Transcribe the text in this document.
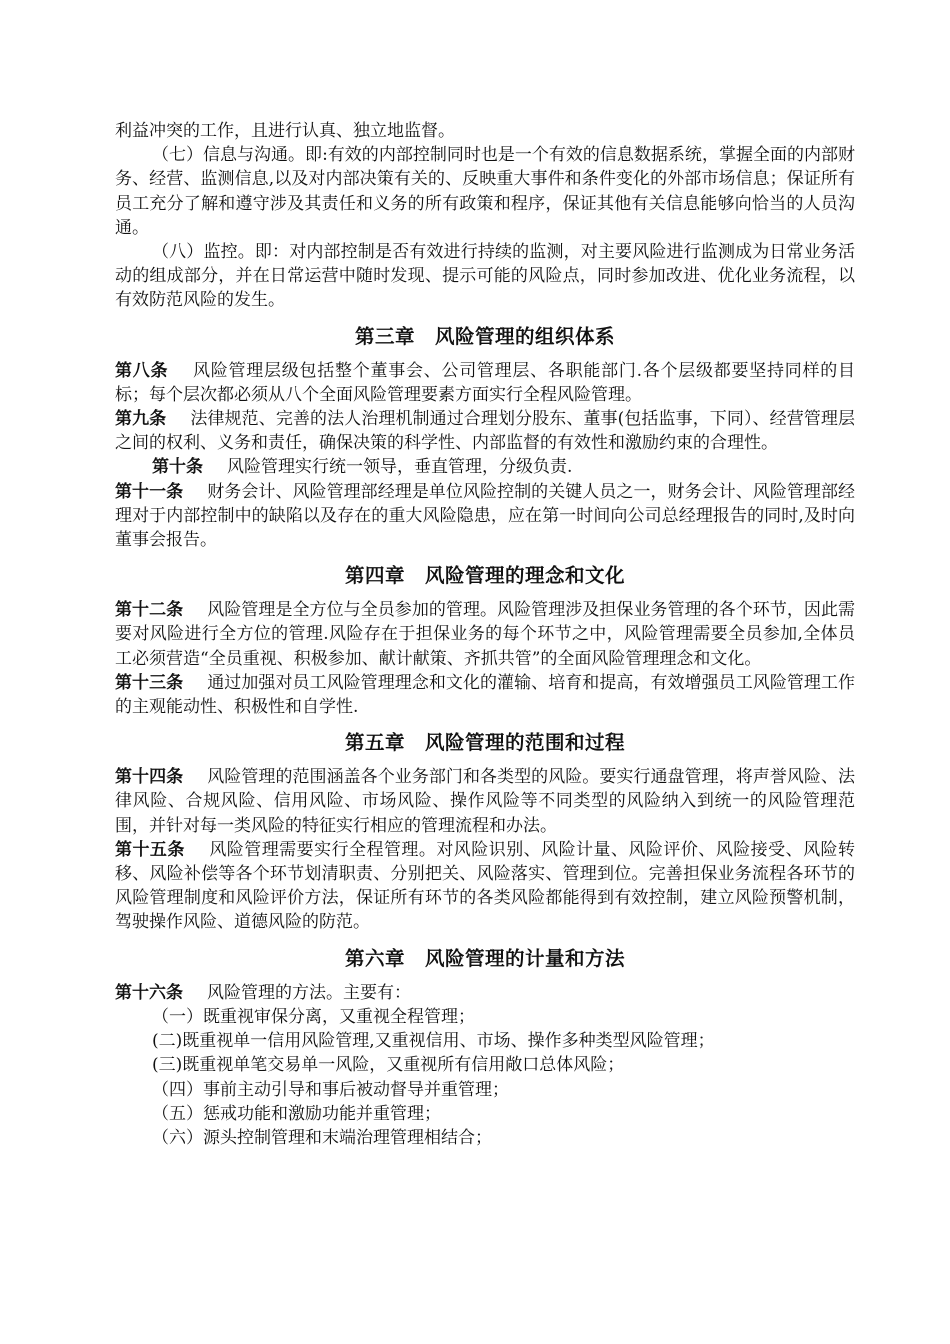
利益冲突的工作，且进行认真、独立地监督。

（七）信息与沟通。即:有效的内部控制同时也是一个有效的信息数据系统，掌握全面的内部财务、经营、监测信息,以及对内部决策有关的、反映重大事件和条件变化的外部市场信息；保证所有员工充分了解和遵守涉及其责任和义务的所有政策和程序，保证其他有关信息能够向恰当的人员沟通。

（八）监控。即：对内部控制是否有效进行持续的监测，对主要风险进行监测成为日常业务活动的组成部分，并在日常运营中随时发现、提示可能的风险点，同时参加改进、优化业务流程，以有效防范风险的发生。

第三章　风险管理的组织体系

第八条 风险管理层级包括整个董事会、公司管理层、各职能部门.各个层级都要坚持同样的目标；每个层次都必须从八个全面风险管理要素方面实行全程风险管理。

第九条 法律规范、完善的法人治理机制通过合理划分股东、董事(包括监事，下同）、经营管理层之间的权利、义务和责任，确保决策的科学性、内部监督的有效性和激励约束的合理性。

第十条 风险管理实行统一领导，垂直管理，分级负责.

第十一条 财务会计、风险管理部经理是单位风险控制的关键人员之一，财务会计、风险管理部经理对于内部控制中的缺陷以及存在的重大风险隐患，应在第一时间向公司总经理报告的同时,及时向董事会报告。

第四章　风险管理的理念和文化

第十二条 风险管理是全方位与全员参加的管理。风险管理涉及担保业务管理的各个环节，因此需要对风险进行全方位的管理.风险存在于担保业务的每个环节之中，风险管理需要全员参加,全体员工必须营造“全员重视、积极参加、献计献策、齐抓共管”的全面风险管理理念和文化。

第十三条 通过加强对员工风险管理理念和文化的灌输、培育和提高，有效增强员工风险管理工作的主观能动性、积极性和自学性.

第五章　风险管理的范围和过程

第十四条 风险管理的范围涵盖各个业务部门和各类型的风险。要实行通盘管理，将声誉风险、法律风险、合规风险、信用风险、市场风险、操作风险等不同类型的风险纳入到统一的风险管理范围，并针对每一类风险的特征实行相应的管理流程和办法。

第十五条 风险管理需要实行全程管理。对风险识别、风险计量、风险评价、风险接受、风险转移、风险补偿等各个环节划清职责、分别把关、风险落实、管理到位。完善担保业务流程各环节的风险管理制度和风险评价方法，保证所有环节的各类风险都能得到有效控制，建立风险预警机制，驾驶操作风险、道德风险的防范。

第六章　风险管理的计量和方法

第十六条 风险管理的方法。主要有：

（一）既重视审保分离，又重视全程管理；

(二)既重视单一信用风险管理,又重视信用、市场、操作多种类型风险管理；

(三)既重视单笔交易单一风险，又重视所有信用敞口总体风险；

（四）事前主动引导和事后被动督导并重管理；

（五）惩戒功能和激励功能并重管理；

（六）源头控制管理和末端治理管理相结合；
